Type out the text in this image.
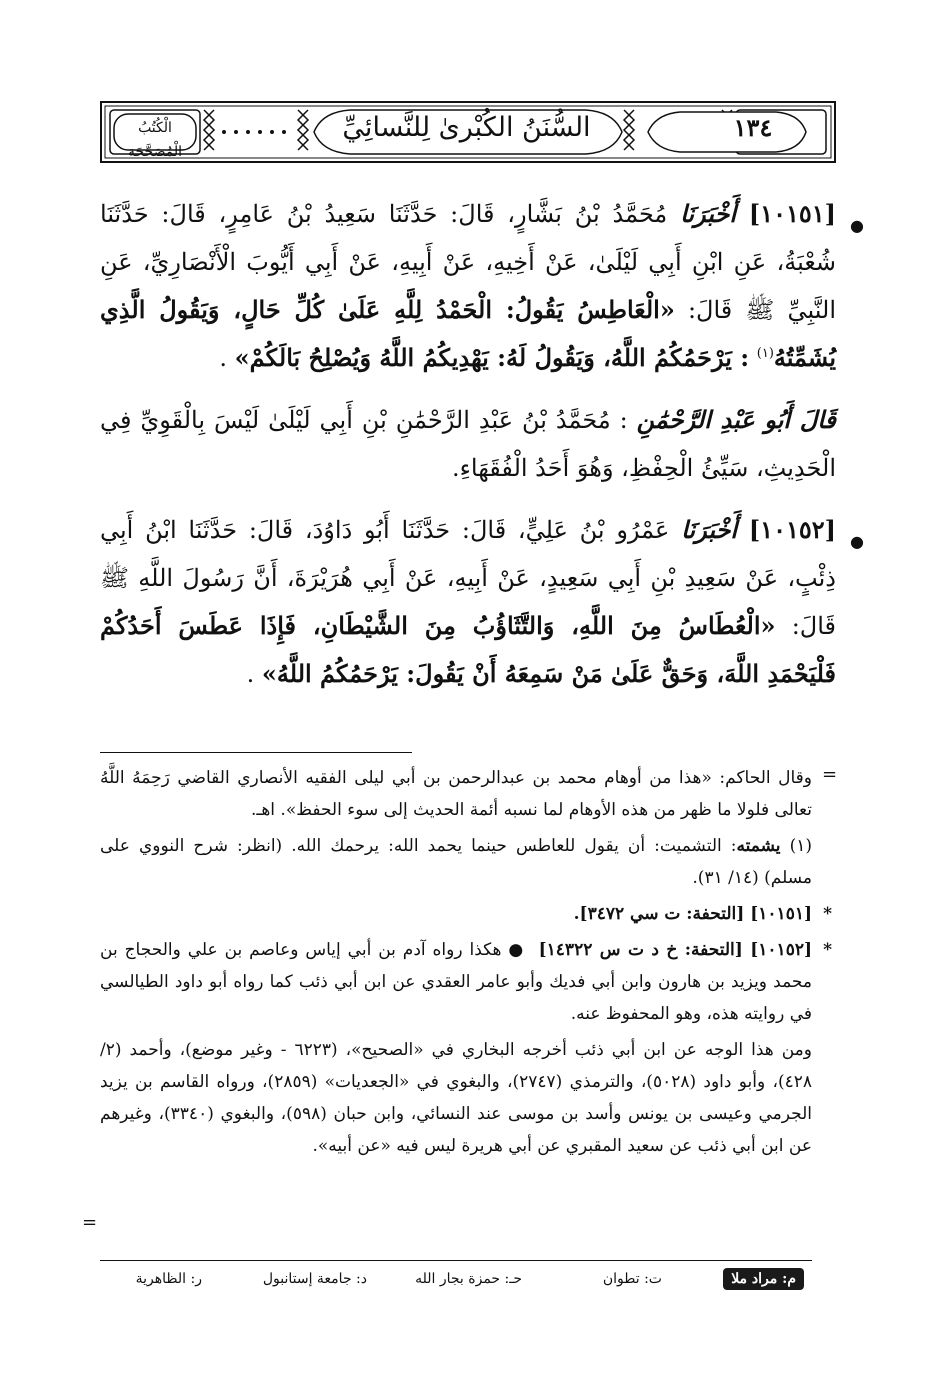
الْكُتُبُ الْمُصَحَّحَة
السُّنَنُ الكُبْرىٰ لِلنَّسائِيِّ	١٣٤

●
[١٠١٥١] أَخْبَرَنَا مُحَمَّدُ بْنُ بَشَّارٍ، قَالَ: حَدَّثَنَا سَعِيدُ بْنُ عَامِرٍ، قَالَ: حَدَّثَنَا شُعْبَةُ، عَنِ ابْنِ أَبِي لَيْلَىٰ، عَنْ أَخِيهِ، عَنْ أَبِيهِ، عَنْ أَبِي أَيُّوبَ الْأَنْصَارِيِّ، عَنِ النَّبِيِّ ﷺ قَالَ: «الْعَاطِسُ يَقُولُ: الْحَمْدُ لِلَّهِ عَلَىٰ كُلِّ حَالٍ، وَيَقُولُ الَّذِي يُشَمِّتُهُ$^{(١)}$ : يَرْحَمُكُمُ اللَّهُ، وَيَقُولُ لَهُ: يَهْدِيكُمُ اللَّهُ وَيُصْلِحُ بَالَكُمْ» .

قَالَ أَبُو عَبْدِ الرَّحْمَٰنِ : مُحَمَّدُ بْنُ عَبْدِ الرَّحْمَٰنِ بْنِ أَبِي لَيْلَىٰ لَيْسَ بِالْقَوِيِّ فِي الْحَدِيثِ، سَيِّئُ الْحِفْظِ، وَهُوَ أَحَدُ الْفُقَهَاءِ.

●
[١٠١٥٢] أَخْبَرَنَا عَمْرُو بْنُ عَلِيٍّ، قَالَ: حَدَّثَنَا أَبُو دَاوُدَ، قَالَ: حَدَّثَنَا ابْنُ أَبِي ذِئْبٍ، عَنْ سَعِيدِ بْنِ أَبِي سَعِيدٍ، عَنْ أَبِيهِ، عَنْ أَبِي هُرَيْرَةَ، أَنَّ رَسُولَ اللَّهِ ﷺ قَالَ: «الْعُطَاسُ مِنَ اللَّهِ، وَالتَّثَاؤُبُ مِنَ الشَّيْطَانِ، فَإِذَا عَطَسَ أَحَدُكُمْ فَلْيَحْمَدِ اللَّهَ، وَحَقٌّ عَلَىٰ مَنْ سَمِعَهُ أَنْ يَقُولَ: يَرْحَمُكُمُ اللَّهُ» .

=

وقال الحاكم: «هذا من أوهام محمد بن عبدالرحمن بن أبي ليلى الفقيه الأنصاري القاضي رَحِمَهُ اللَّهُ تعالى فلولا ما ظهر من هذه الأوهام لما نسبه أئمة الحديث إلى سوء الحفظ». اهـ.

(١) يشمته: التشميت: أن يقول للعاطس حينما يحمد الله: يرحمك الله. (انظر: شرح النووي على مسلم) (١٤/ ٣١).

*
[١٠١٥١] [التحفة: ت سي ٣٤٧٢].

*
[١٠١٥٢] [التحفة: خ د ت س ١٤٣٢٢]  ● هكذا رواه آدم بن أبي إياس وعاصم بن علي والحجاج بن محمد ويزيد بن هارون وابن أبي فديك وأبو عامر العقدي عن ابن أبي ذئب كما رواه أبو داود الطيالسي في روايته هذه، وهو المحفوظ عنه.

ومن هذا الوجه عن ابن أبي ذئب أخرجه البخاري في «الصحيح»، (٦٢٢٣ - وغير موضع)، وأحمد (٢/ ٤٢٨)، وأبو داود (٥٠٢٨)، والترمذي (٢٧٤٧)، والبغوي في «الجعديات» (٢٨٥٩)، ورواه القاسم بن يزيد الجرمي وعيسى بن يونس وأسد بن موسى عند النسائي، وابن حبان (٥٩٨)، والبغوي (٣٣٤٠)، وغيرهم عن ابن أبي ذئب عن سعيد المقبري عن أبي هريرة ليس فيه «عن أبيه».

=
م: مراد ملا
ت: تطوان
حـ: حمزة بجار الله
د: جامعة إستانبول
ر: الظاهرية
